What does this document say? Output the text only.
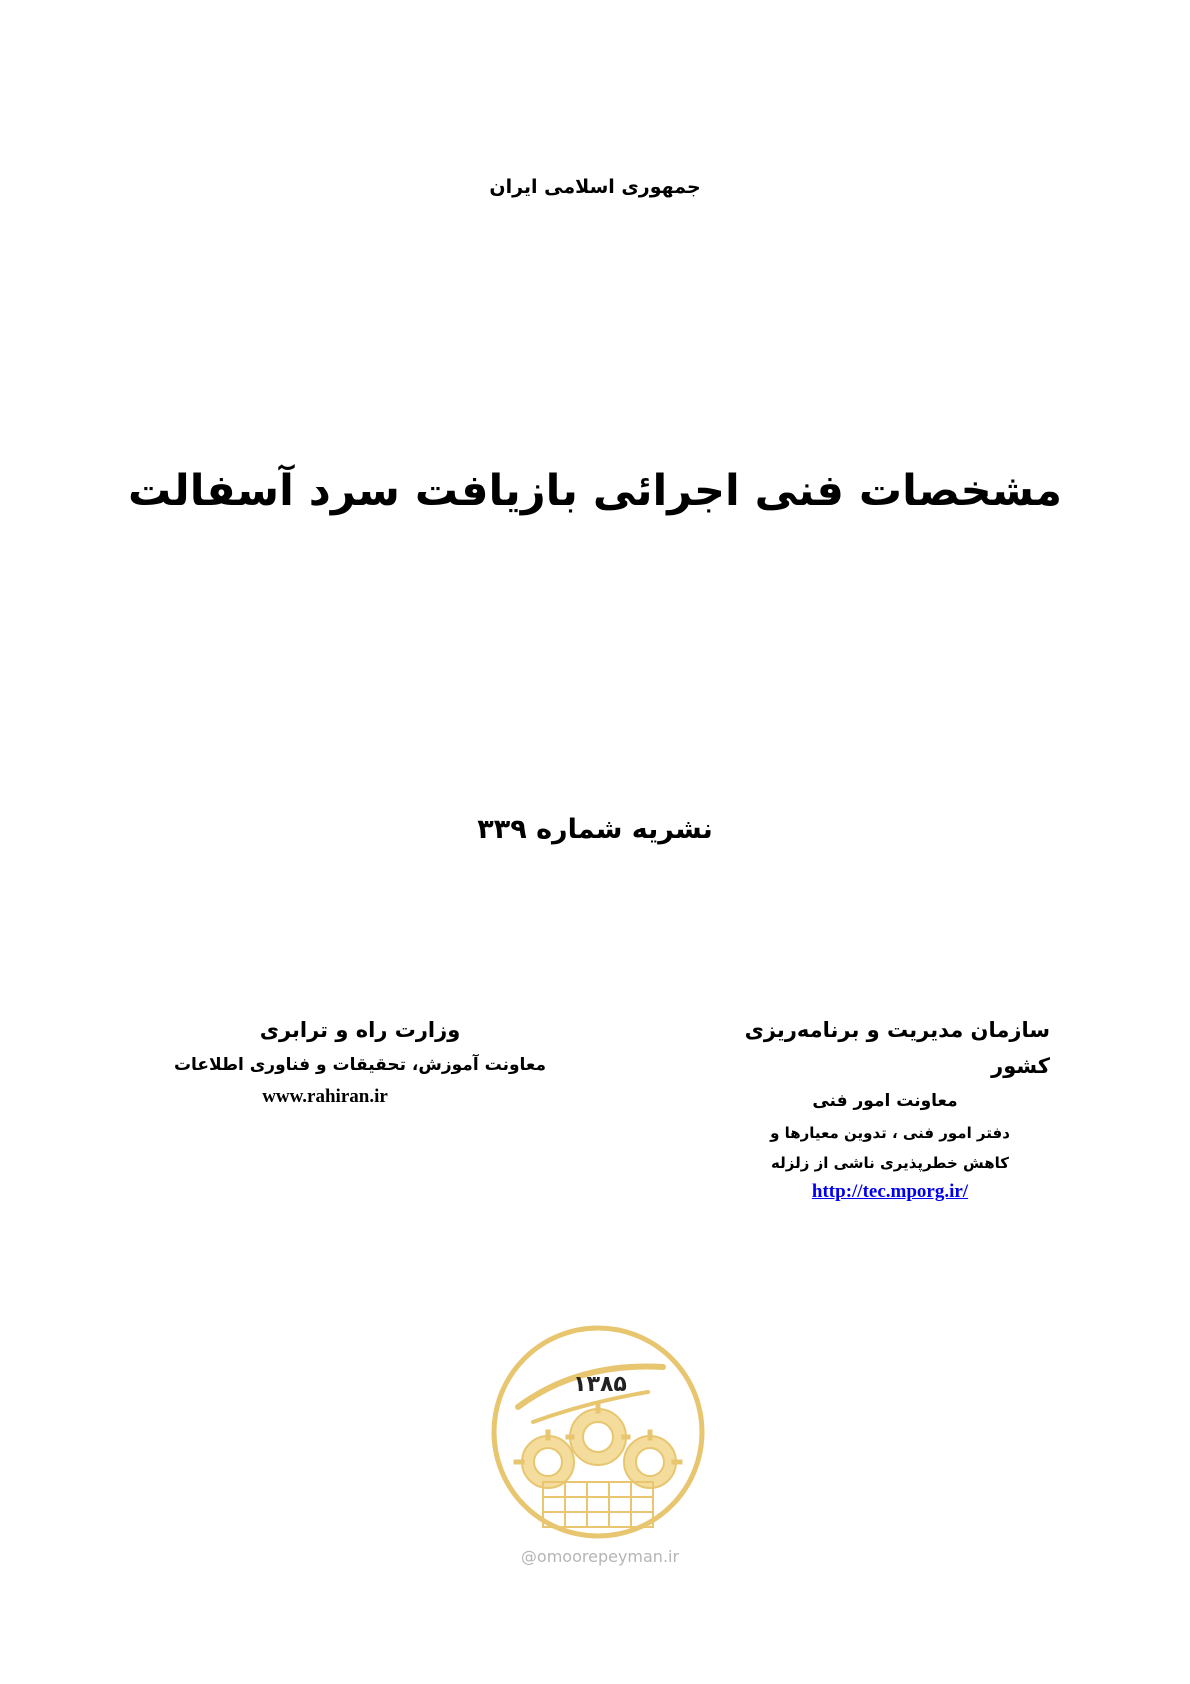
جمهوری اسلامی ایران
مشخصات فنی اجرائی بازیافت سرد آسفالت
نشریه شماره ۳۳۹
وزارت راه و ترابری
معاونت آموزش، تحقیقات و فناوری اطلاعات
www.rahiran.ir
سازمان مدیریت و برنامه‌ریزی کشور
معاونت امور فنی
دفتر امور فنی ، تدوین معیارها و
کاهش خطرپذیری ناشی از زلزله
http://tec.mporg.ir/
۱۳۸۵
@omoorepeyman.ir
